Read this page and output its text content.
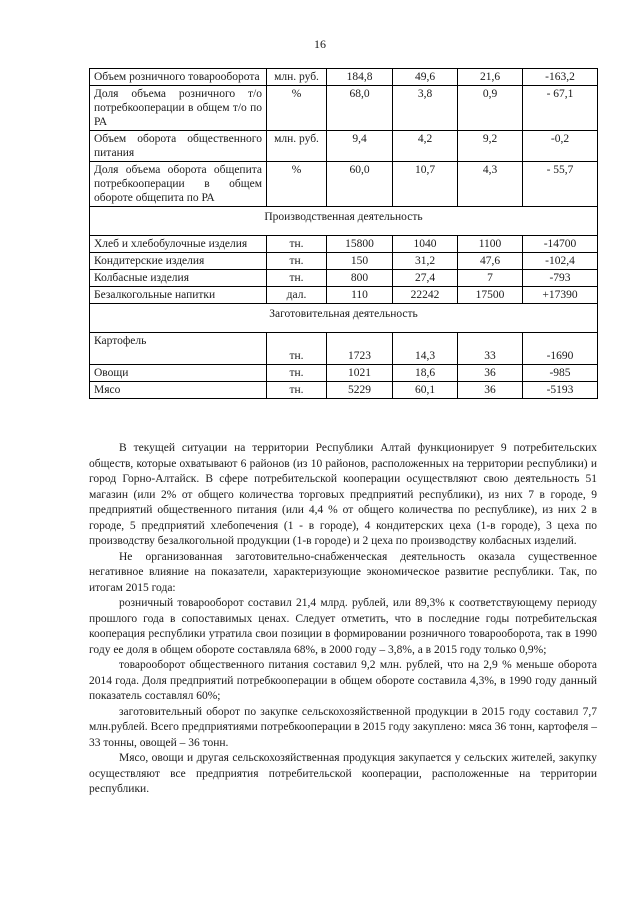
16
Объем розничного товарооборота	млн. руб.	184,8	49,6	21,6	-163,2
Доля объема розничного т/о потребкооперации в общем т/о по РА	%	68,0	3,8	0,9	- 67,1
Объем оборота общественного питания	млн. руб.	9,4	4,2	9,2	-0,2
Доля объема оборота общепита потребкооперации в общем обороте общепита по РА	%	60,0	10,7	4,3	- 55,7
Производственная деятельность					
Хлеб и хлебобулочные изделия	тн.	15800	1040	1100	-14700
Кондитерские изделия	тн.	150	31,2	47,6	-102,4
Колбасные изделия	тн.	800	27,4	7	-793
Безалкогольные напитки	дал.	110	22242	17500	+17390
Заготовительная деятельность					
Картофель	тн.	1723	14,3	33	-1690
Овощи	тн.	1021	18,6	36	-985
Мясо	тн.	5229	60,1	36	-5193

В текущей ситуации на территории Республики Алтай функционирует 9 потребительских обществ, которые охватывают 6 районов (из 10 районов, расположенных на территории республики) и город Горно-Алтайск. В сфере потребительской кооперации осуществляют свою деятельность 51 магазин (или 2% от общего количества торговых предприятий республики), из них 7 в городе, 9 предприятий общественного питания (или 4,4 % от общего количества по республике), из них 2 в городе, 5 предприятий хлебопечения (1 - в городе), 4 кондитерских цеха (1-в городе), 3 цеха по производству безалкогольной продукции (1-в городе) и 2 цеха по производству колбасных изделий.

Не организованная заготовительно-снабженческая деятельность оказала существенное негативное влияние на показатели, характеризующие экономическое развитие республики. Так, по итогам 2015 года:

розничный товарооборот составил 21,4 млрд. рублей, или 89,3% к соответствующему периоду прошлого года в сопоставимых ценах. Следует отметить, что в последние годы потребительская кооперация республики утратила свои позиции в формировании розничного товарооборота, так в 1990 году ее доля в общем обороте составляла 68%, в 2000 году – 3,8%, а в 2015 году только 0,9%;

товарооборот общественного питания составил 9,2 млн. рублей, что на 2,9 % меньше оборота 2014 года. Доля предприятий потребкооперации в общем обороте составила 4,3%, в 1990 году данный показатель составлял 60%;

заготовительный оборот по закупке сельскохозяйственной продукции в 2015 году составил 7,7 млн.рублей. Всего предприятиями потребкооперации в 2015 году закуплено: мяса 36 тонн, картофеля – 33 тонны, овощей – 36 тонн.

Мясо, овощи и другая сельскохозяйственная продукция закупается у сельских жителей, закупку осуществляют все предприятия потребительской кооперации, расположенные на территории республики.
